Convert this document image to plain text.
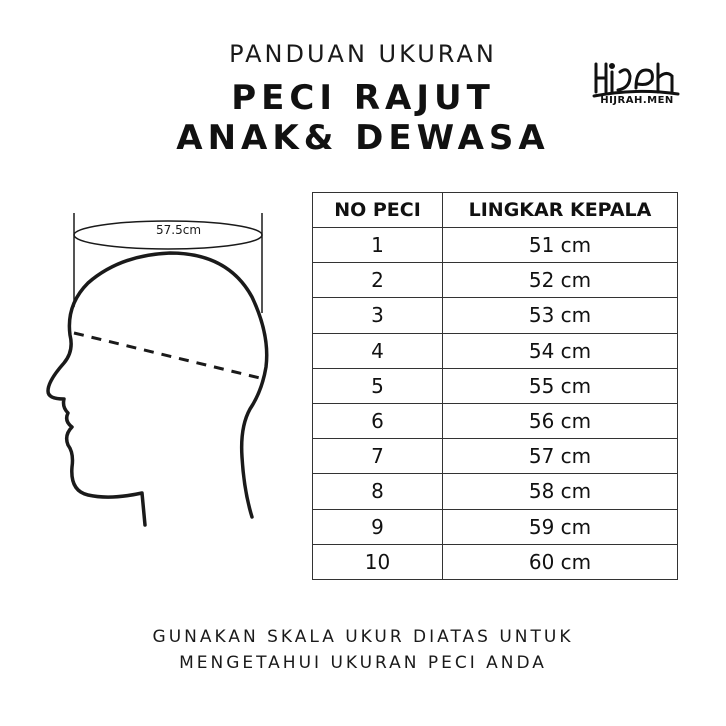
PANDUAN UKURAN
PECI RAJUT
ANAK& DEWASA
HIJRAH.MEN
57.5cm
NO PECI	LINGKAR KEPALA
1	51 cm
2	52 cm
3	53 cm
4	54 cm
5	55 cm
6	56 cm
7	57 cm
8	58 cm
9	59 cm
10	60 cm
GUNAKAN SKALA UKUR DIATAS UNTUK
MENGETAHUI UKURAN PECI ANDA
